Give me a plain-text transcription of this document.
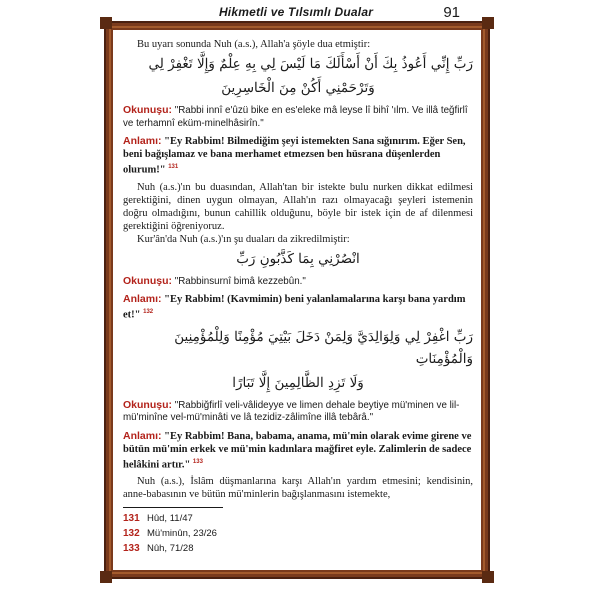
Hikmetli ve Tılsımlı Dualar	91

Bu uyarı sonunda Nuh (a.s.), Allah'a şöyle dua etmiştir:

رَبِّ إِنِّي أَعُوذُ بِكَ أَنْ أَسْأَلَكَ مَا لَيْسَ لِي بِهِ عِلْمٌ وَإِلَّا تَغْفِرْ لِي

وَتَرْحَمْنِي أَكُنْ مِنَ الْخَاسِرِينَ

Okunuşu: "Rabbi innî e'ûzü bike en es'eleke mâ leyse lî bihî 'ılm. Ve illâ teğfirlî ve terhamnî eküm-minelhâsirîn."
Anlamı: "Ey Rabbim! Bilmediğim şeyi istemekten Sana sığınırım. Eğer Sen, beni bağışlamaz ve bana merhamet etmezsen ben hüsrana düşenlerden olurum!" $^{131}$

Nuh (a.s.)'ın bu duasından, Allah'tan bir istekte bulu nurken dikkat edilmesi gerektiğini, dinen uygun olmayan, Allah'ın razı olmayacağı şeyleri istemenin doğru olmadığını, bunun cahillik olduğunu, böyle bir istek için de af dilenmesi gerektiğini öğreniyoruz.

Kur'ân'da Nuh (a.s.)'ın şu duaları da zikredilmiştir:

انْصُرْنِي بِمَا كَذَّبُونِ رَبِّ

Okunuşu: "Rabbinsurnî bimâ kezzebûn."
Anlamı: "Ey Rabbim! (Kavmimin) beni yalanlamalarına karşı bana yardım et!" $^{132}$

رَبِّ اغْفِرْ لِي وَلِوَالِدَيَّ وَلِمَنْ دَخَلَ بَيْتِيَ مُؤْمِنًا وَلِلْمُؤْمِنِينَ وَالْمُؤْمِنَاتِ

وَلَا تَزِدِ الظَّالِمِينَ إِلَّا تَبَارًا

Okunuşu: "Rabbiğfirlî veli-vâlideyye ve limen dehale beytiye mü'minen ve lil-mü'minîne vel-mü'minâti ve lâ tezidiz-zâlimîne illâ tebârâ."
Anlamı: "Ey Rabbim! Bana, babama, anama, mü'min olarak evime girene ve bütün mü'min erkek ve mü'min kadınlara mağfiret eyle. Zalimlerin de sadece helâkini artır." $^{133}$

Nuh (a.s.), İslâm düşmanlarına karşı Allah'ın yardım etmesini; kendisinin, anne-babasının ve bütün mü'minlerin bağışlanmasını istemekte,

131 Hûd, 11/47
132 Mü'minûn, 23/26
133 Nûh, 71/28
